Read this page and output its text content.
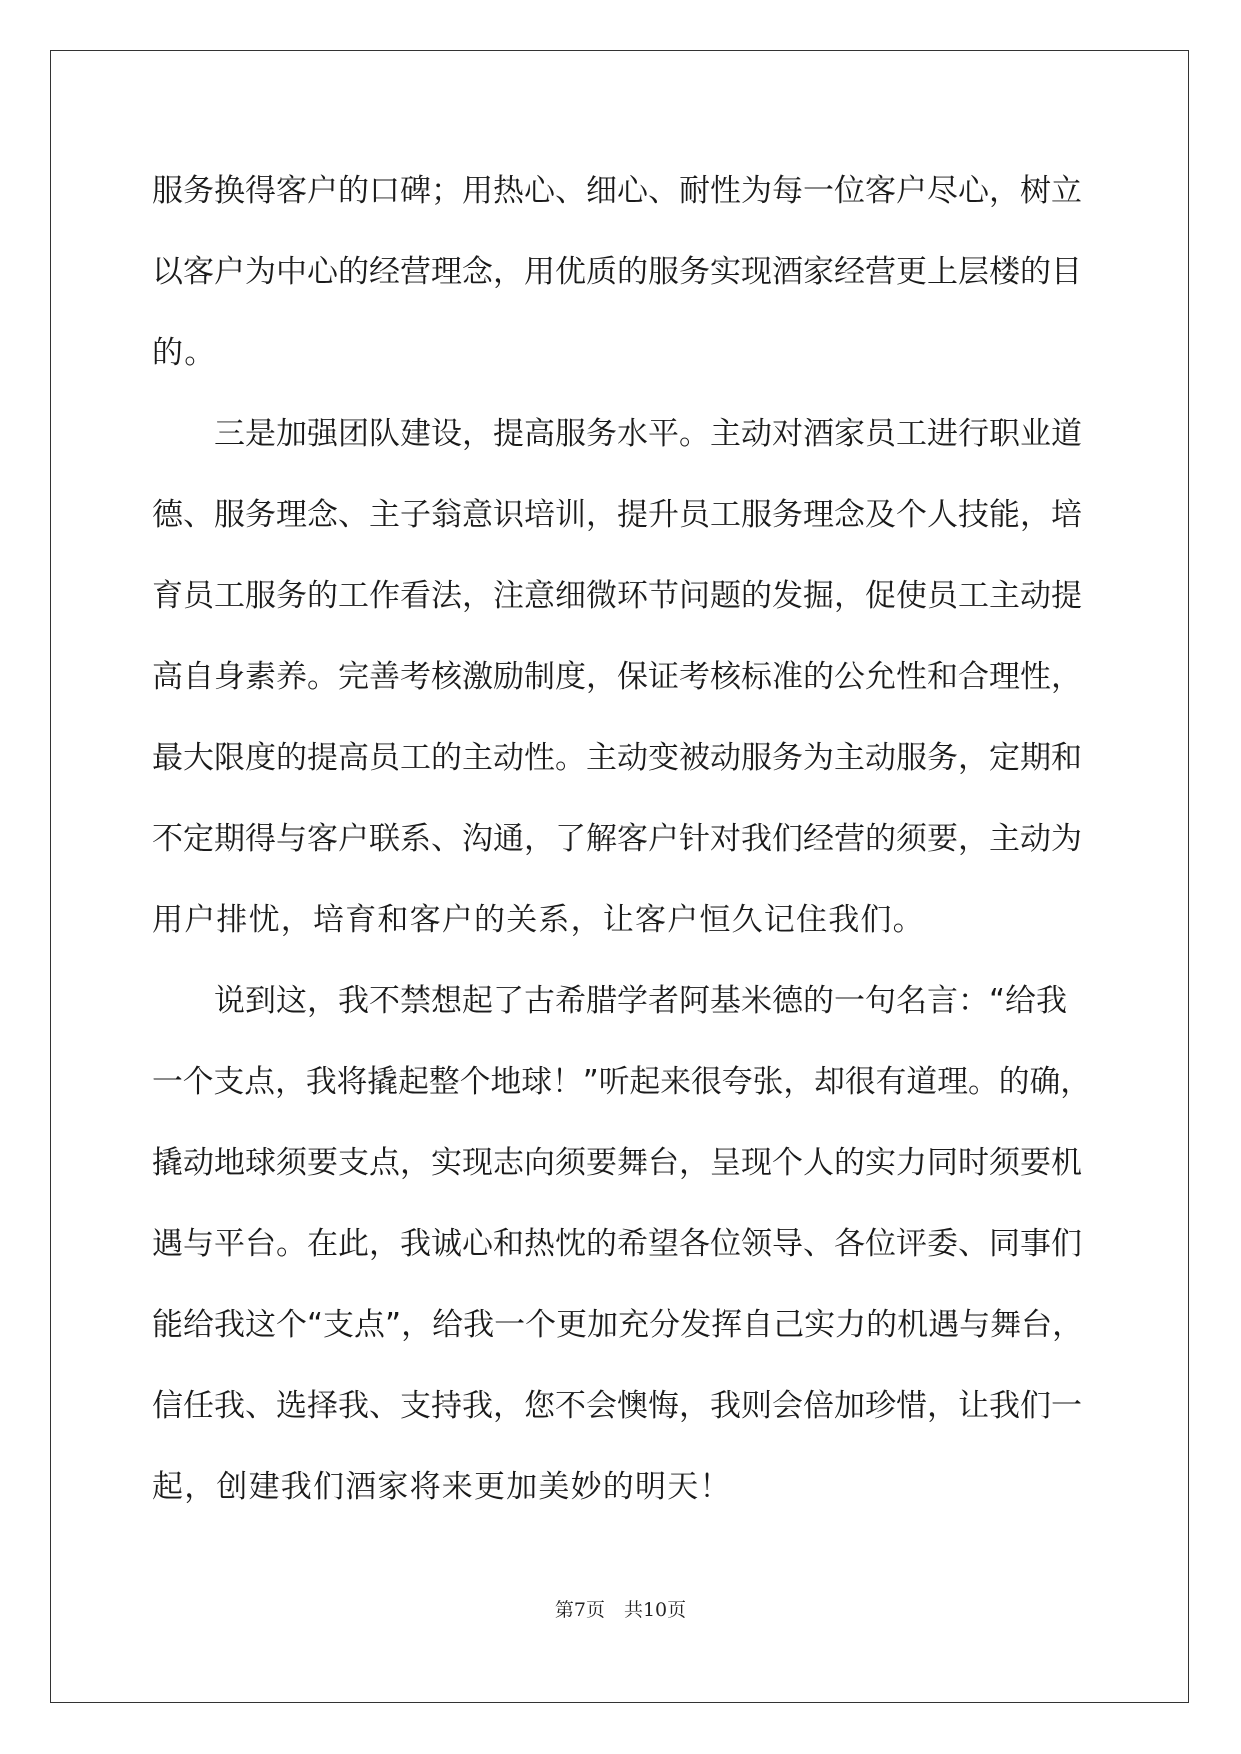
服务换得客户的口碑；用热心、细心、耐性为每一位客户尽心，树立
以客户为中心的经营理念，用优质的服务实现酒家经营更上层楼的目
的。
　　三是加强团队建设，提高服务水平。主动对酒家员工进行职业道
德、服务理念、主子翁意识培训，提升员工服务理念及个人技能，培
育员工服务的工作看法，注意细微环节问题的发掘，促使员工主动提
高自身素养。完善考核激励制度，保证考核标准的公允性和合理性，
最大限度的提高员工的主动性。主动变被动服务为主动服务，定期和
不定期得与客户联系、沟通，了解客户针对我们经营的须要，主动为
用户排忧，培育和客户的关系，让客户恒久记住我们。
　　说到这，我不禁想起了古希腊学者阿基米德的一句名言：“给我
一个支点，我将撬起整个地球！”听起来很夸张，却很有道理。的确，
撬动地球须要支点，实现志向须要舞台，呈现个人的实力同时须要机
遇与平台。在此，我诚心和热忱的希望各位领导、各位评委、同事们
能给我这个“支点”，给我一个更加充分发挥自己实力的机遇与舞台，
信任我、选择我、支持我，您不会懊悔，我则会倍加珍惜，让我们一
起，创建我们酒家将来更加美妙的明天！
第7页　共10页
